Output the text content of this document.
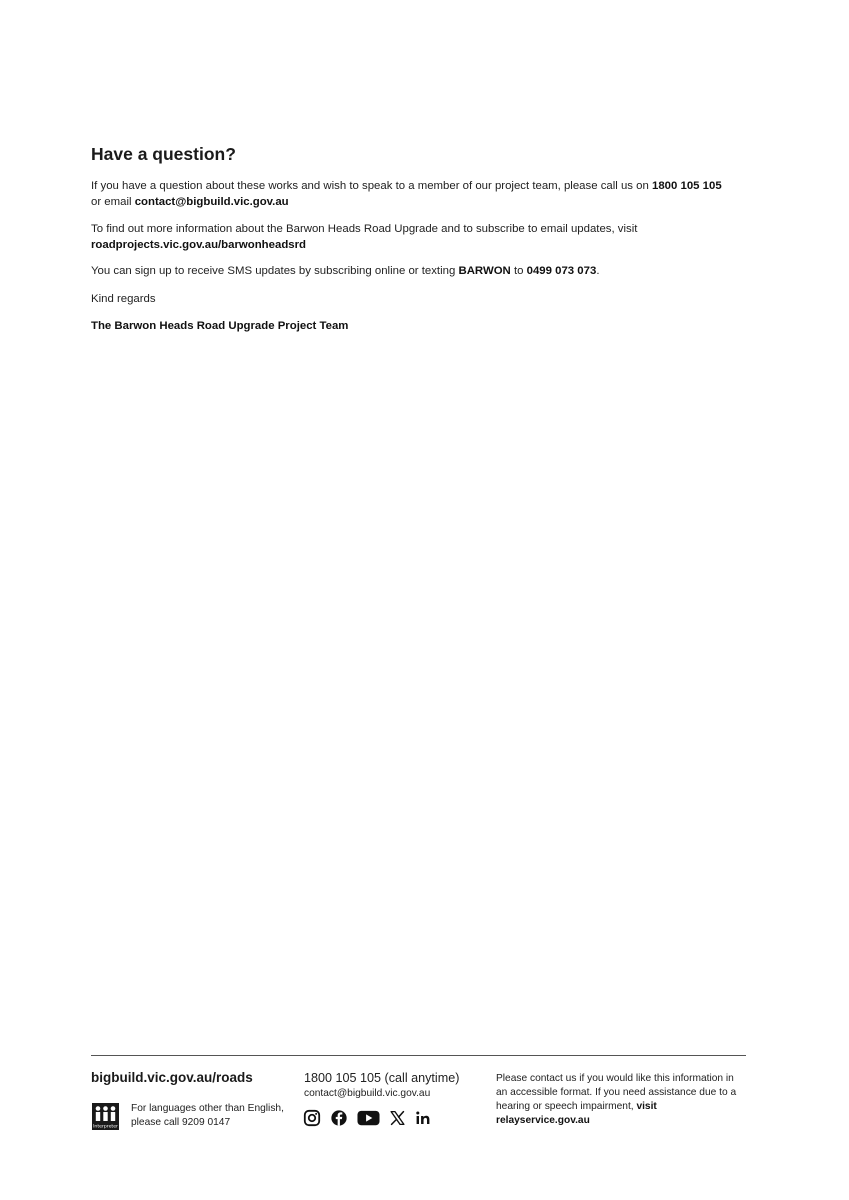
Have a question?

If you have a question about these works and wish to speak to a member of our project team, please call us on 1800 105 105
or email contact@bigbuild.vic.gov.au

To find out more information about the Barwon Heads Road Upgrade and to subscribe to email updates, visit
roadprojects.vic.gov.au/barwonheadsrd

You can sign up to receive SMS updates by subscribing online or texting BARWON to 0499 073 073.

Kind regards

The Barwon Heads Road Upgrade Project Team

bigbuild.vic.gov.au/roads
Interpreter
For languages other than English, please call 9209 0147
1800 105 105 (call anytime)
contact@bigbuild.vic.gov.au
Please contact us if you would like this information in an accessible format. If you need assistance due to a hearing or speech impairment, visit relayservice.gov.au
